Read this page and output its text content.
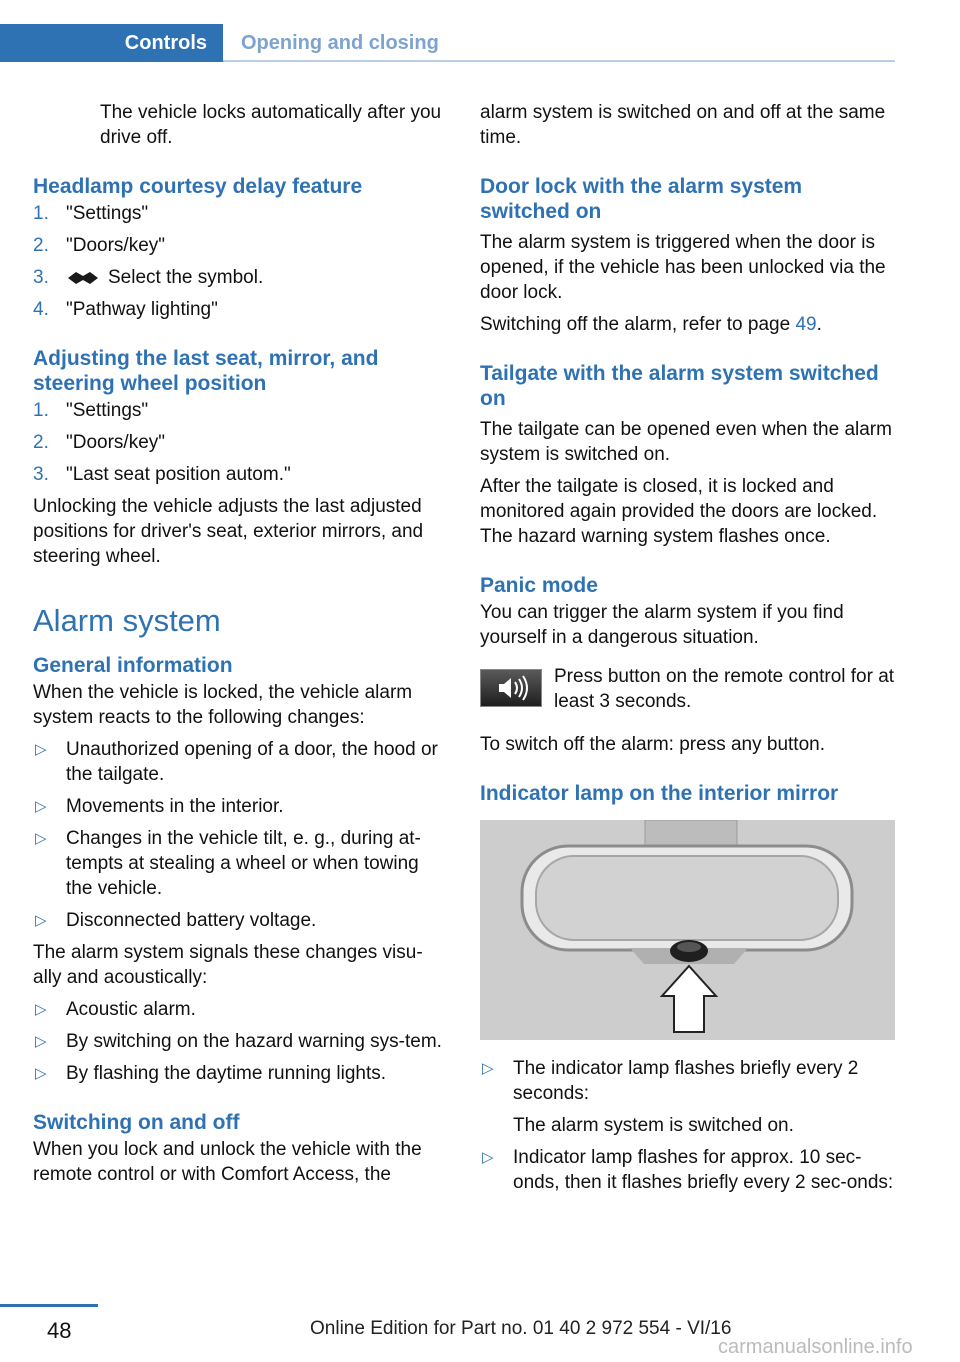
Controls	Opening and closing

The vehicle locks automatically after you drive off.

Headlamp courtesy delay feature
1. "Settings"
2. "Doors/key"
3.	Select the symbol.
4. "Pathway lighting"
Adjusting the last seat, mirror, and steering wheel position
1. "Settings"
2. "Doors/key"
3. "Last seat position autom."

Unlocking the vehicle adjusts the last adjusted positions for driver's seat, exterior mirrors, and steering wheel.

Alarm system
General information

When the vehicle is locked, the vehicle alarm system reacts to the following changes:

▷ Unauthorized opening of a door, the hood or the tailgate.
▷ Movements in the interior.
▷ Changes in the vehicle tilt, e. g., during at-tempts at stealing a wheel or when towing the vehicle.
▷ Disconnected battery voltage.

The alarm system signals these changes visu-ally and acoustically:

▷ Acoustic alarm.
▷ By switching on the hazard warning sys-tem.
▷ By flashing the daytime running lights.
Switching on and off

When you lock and unlock the vehicle with the remote control or with Comfort Access, the

alarm system is switched on and off at the same time.

Door lock with the alarm system switched on

The alarm system is triggered when the door is opened, if the vehicle has been unlocked via the door lock.

Switching off the alarm, refer to page 49.

Tailgate with the alarm system switched on

The tailgate can be opened even when the alarm system is switched on.

After the tailgate is closed, it is locked and monitored again provided the doors are locked. The hazard warning system flashes once.

Panic mode

You can trigger the alarm system if you find yourself in a dangerous situation.

Press button on the remote control for at least 3 seconds.

To switch off the alarm: press any button.

Indicator lamp on the interior mirror
▷ The indicator lamp flashes briefly every 2 seconds:
The alarm system is switched on.
▷ Indicator lamp flashes for approx. 10 sec-onds, then it flashes briefly every 2 sec-onds:
48	Online Edition for Part no. 01 40 2 972 554 - VI/16
carmanualsonline.info
